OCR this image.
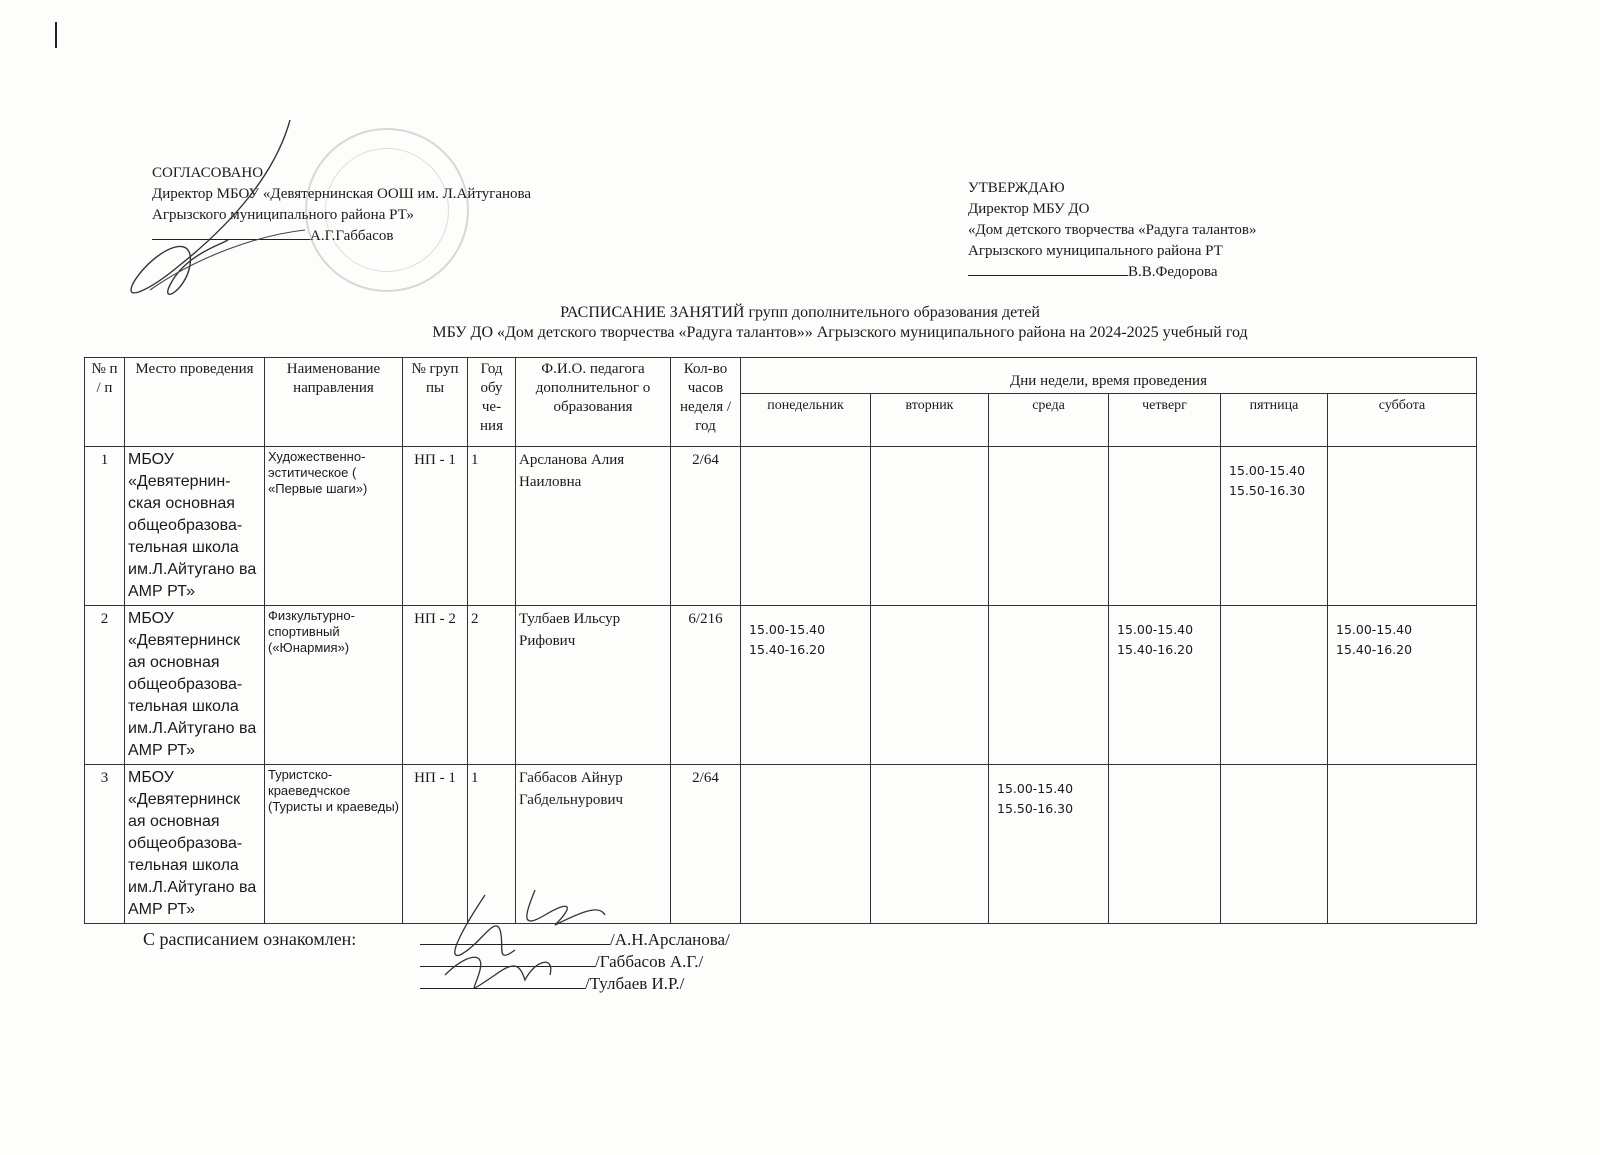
СОГЛАСОВАНО
Директор МБОУ «Девятернинская ООШ им. Л.Айтуганова
Агрызского муниципального района РТ»
А.Г.Габбасов
УТВЕРЖДАЮ
Директор МБУ ДО
«Дом детского творчества «Радуга талантов»
Агрызского муниципального района РТ
В.В.Федорова
РАСПИСАНИЕ ЗАНЯТИЙ групп дополнительного образования детей
МБУ ДО «Дом детского творчества «Радуга талантов»» Агрызского муниципального района на 2024-2025 учебный год
№ п / п	Место проведения	Наименование направления	№ груп пы	Год обу че- ния	Ф.И.О. педагога дополнительног о образования	Кол-во часов неделя /год	Дни недели, время проведения					
							понедельник	вторник	среда	четверг	пятница	суббота
1	МБОУ «Девятернин-ская основная общеобразова-тельная школа им.Л.Айтугано ва АМР РТ»	Художественно-эститическое ( «Первые шаги»)	НП - 1	1	Арсланова Алия Наиловна	2/64					15.00-15.40
15.50-16.30	

2	МБОУ «Девятернинск ая основная общеобразова-тельная школа им.Л.Айтугано ва АМР РТ»	Физкультурно-спортивный («Юнармия»)	НП - 2	2	Тулбаев Ильсур Рифович	6/216	15.00-15.40
15.40-16.20			15.00-15.40
15.40-16.20		15.00-15.40
15.40-16.20

3	МБОУ «Девятернинск ая основная общеобразова-тельная школа им.Л.Айтугано ва АМР РТ»	Туристско-краеведчское (Туристы и краеведы)	НП - 1	1	Габбасов Айнур Габдельнурович	2/64			15.00-15.40
15.50-16.30			

С расписанием ознакомлен:	/А.Н.Арсланова/
/Габбасов А.Г./
/Тулбаев И.Р./
